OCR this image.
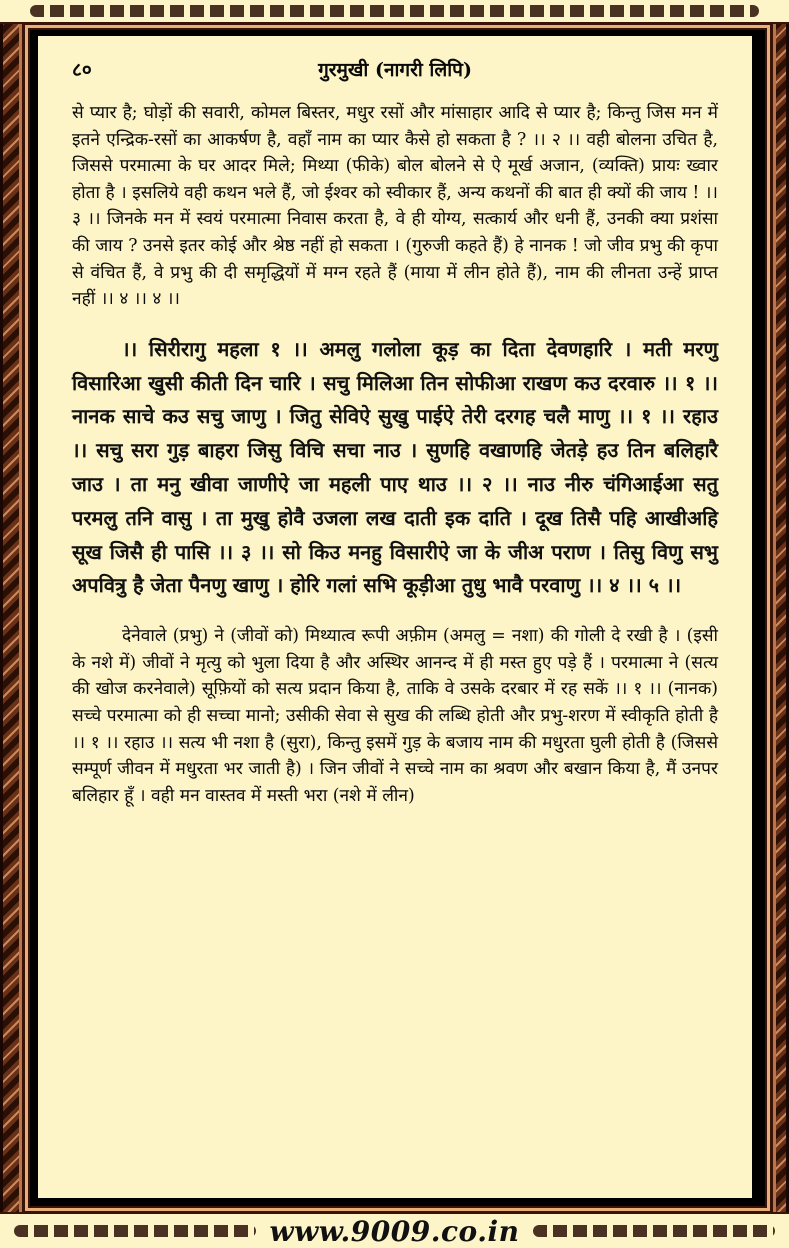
८०	गुरमुखी (नागरी लिपि)

से प्यार है; घोड़ों की सवारी, कोमल बिस्तर, मधुर रसों और मांसाहार आदि से प्यार है; किन्तु जिस मन में इतने एन्द्रिक-रसों का आकर्षण है, वहाँ नाम का प्यार कैसे हो सकता है ? ।। २ ।। वही बोलना उचित है, जिससे परमात्मा के घर आदर मिले; मिथ्या (फीके) बोल बोलने से ऐ मूर्ख अजान, (व्यक्ति) प्रायः ख्वार होता है । इसलिये वही कथन भले हैं, जो ईश्वर को स्वीकार हैं, अन्य कथनों की बात ही क्यों की जाय ! ।। ३ ।। जिनके मन में स्वयं परमात्मा निवास करता है, वे ही योग्य, सत्कार्य और धनी हैं, उनकी क्या प्रशंसा की जाय ? उनसे इतर कोई और श्रेष्ठ नहीं हो सकता । (गुरुजी कहते हैं) हे नानक ! जो जीव प्रभु की कृपा से वंचित हैं, वे प्रभु की दी समृद्धियों में मग्न रहते हैं (माया में लीन होते हैं), नाम की लीनता उन्हें प्राप्त नहीं ।। ४ ।। ४ ।।

।। सिरीरागु महला १ ।। अमलु गलोला कूड़ का दिता देवणहारि । मती मरणु विसारिआ खुसी कीती दिन चारि । सचु मिलिआ तिन सोफीआ राखण कउ दरवारु ।। १ ।। नानक साचे कउ सचु जाणु । जितु सेविऐ सुखु पाईऐ तेरी दरगह चलै माणु ।। १ ।। रहाउ ।। सचु सरा गुड़ बाहरा जिसु विचि सचा नाउ । सुणहि वखाणहि जेतड़े हउ तिन बलिहारै जाउ । ता मनु खीवा जाणीऐ जा महली पाए थाउ ।। २ ।। नाउ नीरु चंगिआईआ सतु परमलु तनि वासु । ता मुखु होवै उजला लख दाती इक दाति । दूख तिसै पहि आखीअहि सूख जिसै ही पासि ।। ३ ।। सो किउ मनहु विसारीऐ जा के जीअ पराण । तिसु विणु सभु अपवित्रु है जेता पैनणु खाणु । होरि गलां सभि कूड़ीआ तुधु भावै परवाणु ।। ४ ।। ५ ।।

देनेवाले (प्रभु) ने (जीवों को) मिथ्यात्व रूपी अफ़ीम (अमलु = नशा) की गोली दे रखी है । (इसी के नशे में) जीवों ने मृत्यु को भुला दिया है और अस्थिर आनन्द में ही मस्त हुए पड़े हैं । परमात्मा ने (सत्य की खोज करनेवाले) सूफ़ियों को सत्य प्रदान किया है, ताकि वे उसके दरबार में रह सकें ।। १ ।। (नानक) सच्चे परमात्मा को ही सच्चा मानो; उसीकी सेवा से सुख की लब्धि होती और प्रभु-शरण में स्वीकृति होती है ।। १ ।। रहाउ ।। सत्य भी नशा है (सुरा), किन्तु इसमें गुड़ के बजाय नाम की मधुरता घुली होती है (जिससे सम्पूर्ण जीवन में मधुरता भर जाती है) । जिन जीवों ने सच्चे नाम का श्रवण और बखान किया है, मैं उनपर बलिहार हूँ । वही मन वास्तव में मस्ती भरा (नशे में लीन)

www.9009.co.in
